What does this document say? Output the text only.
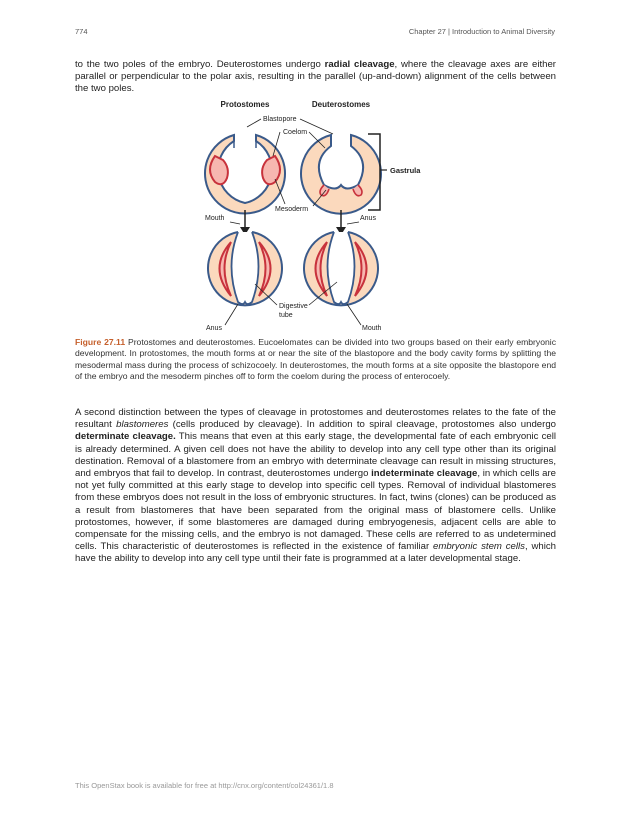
774	Chapter 27 | Introduction to Animal Diversity

to the two poles of the embryo. Deuterostomes undergo radial cleavage, where the cleavage axes are either parallel or perpendicular to the polar axis, resulting in the parallel (up-and-down) alignment of the cells between the two poles.

Protostomes	Deuterostomes
Blastopore
Coelom
Gastrula
Mesoderm
Mouth	Anus
Digestive
tube
Anus	Mouth

Figure 27.11 Protostomes and deuterostomes. Eucoelomates can be divided into two groups based on their early embryonic development. In protostomes, the mouth forms at or near the site of the blastopore and the body cavity forms by splitting the mesodermal mass during the process of schizocoely. In deuterostomes, the mouth forms at a site opposite the blastopore end of the embryo and the mesoderm pinches off to form the coelom during the process of enterocoely.

A second distinction between the types of cleavage in protostomes and deuterostomes relates to the fate of the resultant blastomeres (cells produced by cleavage). In addition to spiral cleavage, protostomes also undergo determinate cleavage. This means that even at this early stage, the developmental fate of each embryonic cell is already determined. A given cell does not have the ability to develop into any cell type other than its original destination. Removal of a blastomere from an embryo with determinate cleavage can result in missing structures, and embryos that fail to develop. In contrast, deuterostomes undergo indeterminate cleavage, in which cells are not yet fully committed at this early stage to develop into specific cell types. Removal of individual blastomeres from these embryos does not result in the loss of embryonic structures. In fact, twins (clones) can be produced as a result from blastomeres that have been separated from the original mass of blastomere cells. Unlike protostomes, however, if some blastomeres are damaged during embryogenesis, adjacent cells are able to compensate for the missing cells, and the embryo is not damaged. These cells are referred to as undetermined cells. This characteristic of deuterostomes is reflected in the existence of familiar embryonic stem cells, which have the ability to develop into any cell type until their fate is programmed at a later developmental stage.

This OpenStax book is available for free at http://cnx.org/content/col24361/1.8
